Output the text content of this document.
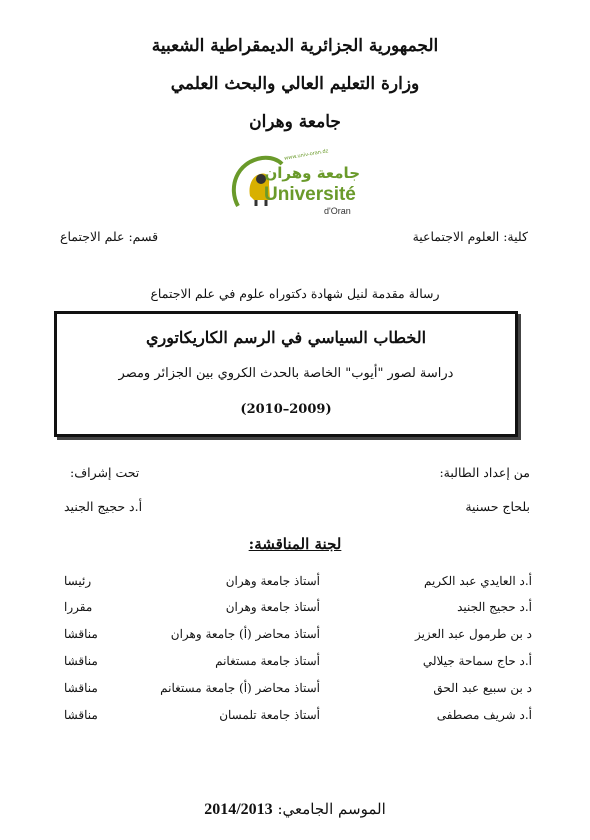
الجمهورية الجزائرية الديمقراطية الشعبية
وزارة التعليم العالي والبحث العلمي
جامعة وهران
www.univ-oran.dz
جامعة وهران
Université
d'Oran
كلية: العلوم الاجتماعية
قسم: علم الاجتماع
رسالة مقدمة لنيل شهادة دكتوراه علوم في علم الاجتماع
الخطاب السياسي في الرسم الكاريكاتوري
دراسة لصور "أيوب" الخاصة بالحدث الكروي بين الجزائر ومصر
(2009–2010)
من إعداد الطالبة:
تحت إشراف:
بلحاج حسنية
أ.د حجيج الجنيد
لجنة المناقشة:
أ.د العايدي عبد الكريم
أستاذ جامعة وهران
رئيسا
أ.د حجيج الجنيد
أستاذ جامعة وهران
مقررا
د بن طرمول عبد العزيز
أستاذ محاضر (أ) جامعة وهران
مناقشا
أ.د حاج سماحة جيلالي
أستاذ جامعة مستغانم
مناقشا
د بن سبيع عبد الحق
أستاذ محاضر (أ) جامعة مستغانم
مناقشا
أ.د شريف مصطفى
أستاذ جامعة تلمسان
مناقشا
الموسم الجامعي: 2014/2013
